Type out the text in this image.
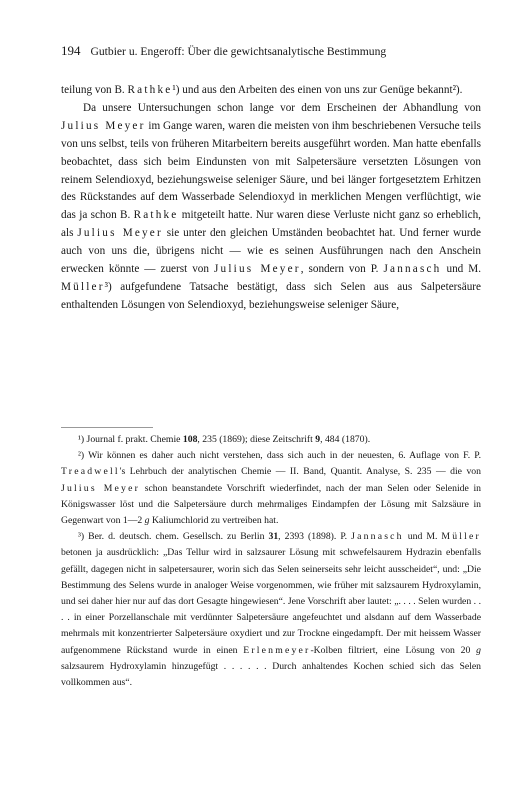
194 Gutbier u. Engeroff: Über die gewichtsanalytische Bestimmung

teilung von B. Rathke¹) und aus den Arbeiten des einen von uns zur Genüge bekannt²).

Da unsere Untersuchungen schon lange vor dem Erscheinen der Abhandlung von Julius Meyer im Gange waren, waren die meisten von ihm beschriebenen Versuche teils von uns selbst, teils von früheren Mitarbeitern bereits ausgeführt worden. Man hatte ebenfalls beobachtet, dass sich beim Eindunsten von mit Salpetersäure versetzten Lösungen von reinem Selendioxyd, beziehungsweise seleniger Säure, und bei länger fortgesetztem Erhitzen des Rückstandes auf dem Wasserbade Selendioxyd in merklichen Mengen verflüchtigt, wie das ja schon B. Rathke mitgeteilt hatte. Nur waren diese Verluste nicht ganz so erheblich, als Julius Meyer sie unter den gleichen Umständen beobachtet hat. Und ferner wurde auch von uns die, übrigens nicht — wie es seinen Ausführungen nach den Anschein erwecken könnte — zuerst von Julius Meyer, sondern von P. Jannasch und M. Müller³) aufgefundene Tatsache bestätigt, dass sich Selen aus aus Salpetersäure enthaltenden Lösungen von Selendioxyd, beziehungsweise seleniger Säure,

¹) Journal f. prakt. Chemie 108, 235 (1869); diese Zeitschrift 9, 484 (1870).

²) Wir können es daher auch nicht verstehen, dass sich auch in der neuesten, 6. Auflage von F. P. Treadwell's Lehrbuch der analytischen Chemie — II. Band, Quantit. Analyse, S. 235 — die von Julius Meyer schon beanstandete Vorschrift wiederfindet, nach der man Selen oder Selenide in Königswasser löst und die Salpetersäure durch mehrmaliges Eindampfen der Lösung mit Salzsäure in Gegenwart von 1—2 g Kaliumchlorid zu vertreiben hat.

³) Ber. d. deutsch. chem. Gesellsch. zu Berlin 31, 2393 (1898). P. Jannasch und M. Müller betonen ja ausdrücklich: „Das Tellur wird in salzsaurer Lösung mit schwefelsaurem Hydrazin ebenfalls gefällt, dagegen nicht in salpetersaurer, worin sich das Selen seinerseits sehr leicht ausscheidet“, und: „Die Bestimmung des Selens wurde in analoger Weise vorgenommen, wie früher mit salzsaurem Hydroxylamin, und sei daher hier nur auf das dort Gesagte hingewiesen“. Jene Vorschrift aber lautet: „. . . . Selen wurden . . . . in einer Porzellanschale mit verdünnter Salpetersäure angefeuchtet und alsdann auf dem Wasserbade mehrmals mit konzentrierter Salpetersäure oxydiert und zur Trockne eingedampft. Der mit heissem Wasser aufgenommene Rückstand wurde in einen Erlenmeyer-Kolben filtriert, eine Lösung von 20 g salzsaurem Hydroxylamin hinzugefügt . . . . . . Durch anhaltendes Kochen schied sich das Selen vollkommen aus“.
